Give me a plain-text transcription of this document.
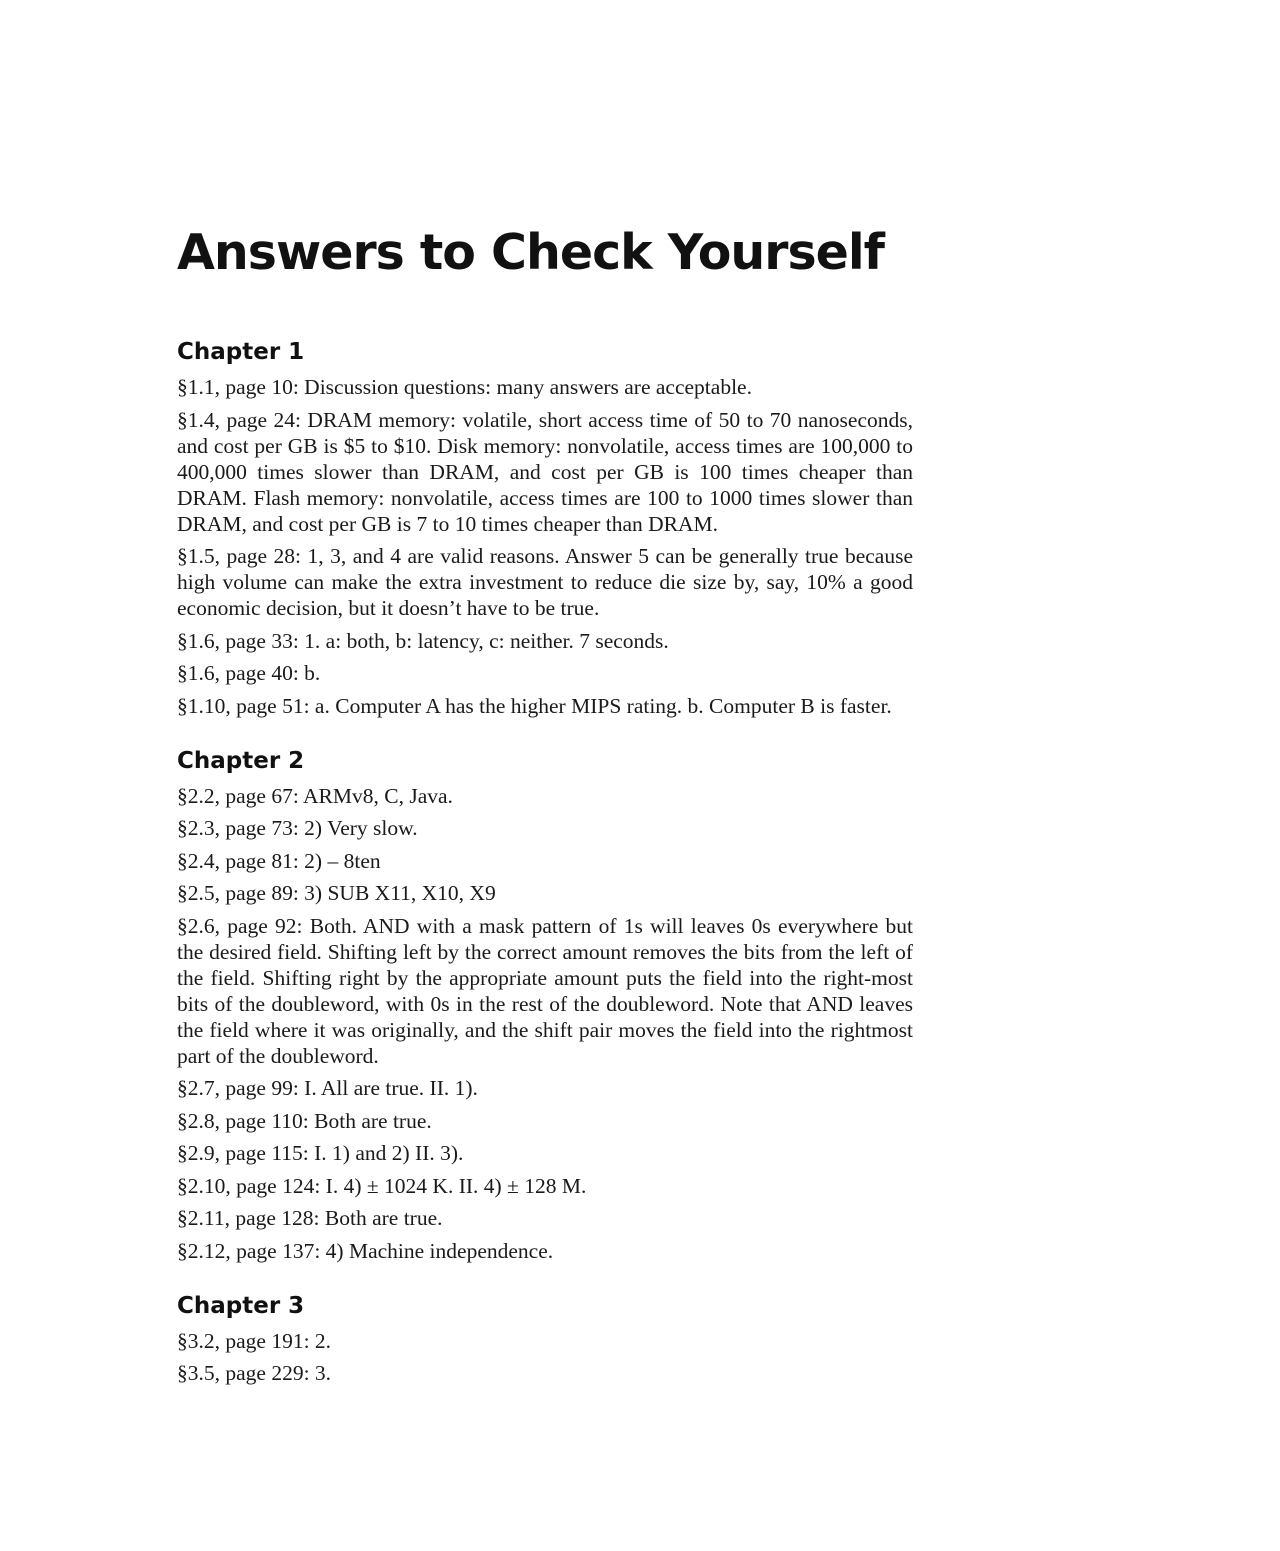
Answers to Check Yourself
Chapter 1

§1.1, page 10: Discussion questions: many answers are acceptable.

§1.4, page 24: DRAM memory: volatile, short access time of 50 to 70 nanoseconds, and cost per GB is $5 to $10. Disk memory: nonvolatile, access times are 100,000 to 400,000 times slower than DRAM, and cost per GB is 100 times cheaper than DRAM. Flash memory: nonvolatile, access times are 100 to 1000 times slower than DRAM, and cost per GB is 7 to 10 times cheaper than DRAM.

§1.5, page 28: 1, 3, and 4 are valid reasons. Answer 5 can be generally true because high volume can make the extra investment to reduce die size by, say, 10% a good economic decision, but it doesn’t have to be true.

§1.6, page 33: 1. a: both, b: latency, c: neither. 7 seconds.

§1.6, page 40: b.

§1.10, page 51: a. Computer A has the higher MIPS rating. b. Computer B is faster.

Chapter 2

§2.2, page 67: ARMv8, C, Java.

§2.3, page 73: 2) Very slow.

§2.4, page 81: 2) – 8ten

§2.5, page 89: 3) SUB X11, X10, X9

§2.6, page 92: Both. AND with a mask pattern of 1s will leaves 0s everywhere but the desired field. Shifting left by the correct amount removes the bits from the left of the field. Shifting right by the appropriate amount puts the field into the right-most bits of the doubleword, with 0s in the rest of the doubleword. Note that AND leaves the field where it was originally, and the shift pair moves the field into the rightmost part of the doubleword.

§2.7, page 99: I. All are true. II. 1).

§2.8, page 110: Both are true.

§2.9, page 115: I. 1) and 2) II. 3).

§2.10, page 124: I. 4) ± 1024 K. II. 4) ± 128 M.

§2.11, page 128: Both are true.

§2.12, page 137: 4) Machine independence.

Chapter 3

§3.2, page 191: 2.

§3.5, page 229: 3.
